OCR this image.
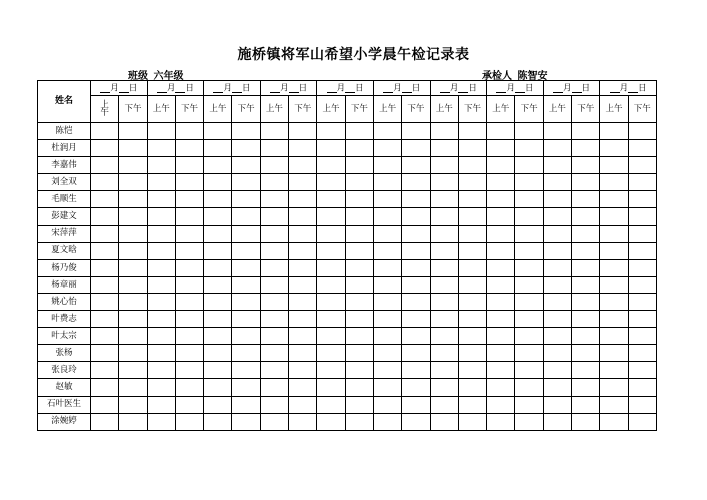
施桥镇将军山希望小学晨午检记录表
班级 六年级	承检人 陈智安
姓名	月 日		月 日		月 日		月 日		月 日		月 日		月 日		月 日		月 日		月 日	
	上午	下午	上午	下午	上午	下午	上午	下午	上午	下午	上午	下午	上午	下午	上午	下午	上午	下午	上午	下午
陈恺																				
杜润月																				
李嘉伟																				
刘全双																				
毛顺生																				
彭建文																				
宋萍萍																				
夏文晗																				
杨乃俊																				
杨章丽																				
姚心怡																				
叶费志																				
叶太宗																				
张杨																				
张良玲																				
赵敏																				
石叶医生																				
涂婉婷																				
